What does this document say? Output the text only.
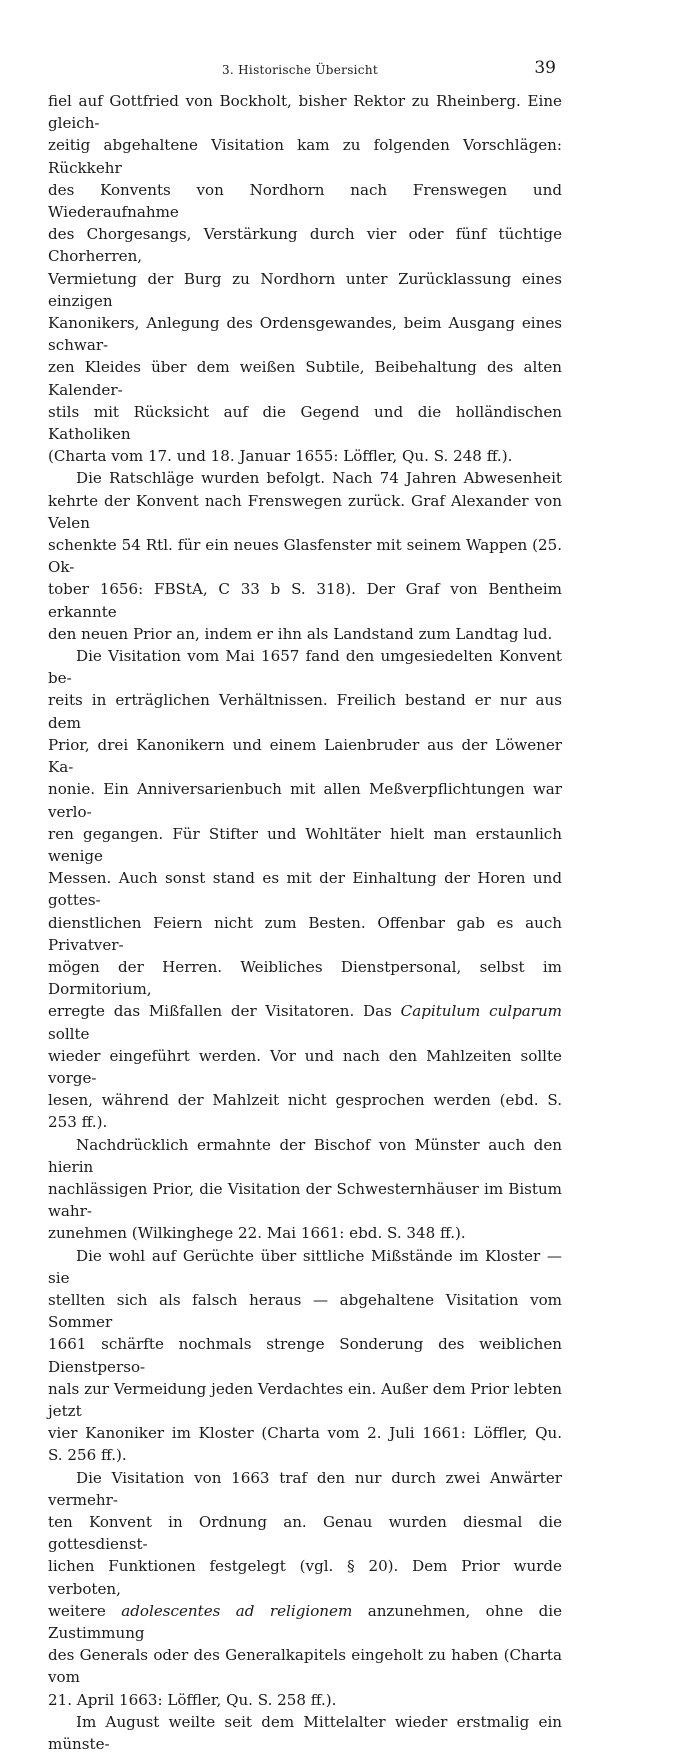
3. Historische Übersicht	39
fiel auf Gottfried von Bockholt, bisher Rektor zu Rheinberg. Eine gleich-
zeitig abgehaltene Visitation kam zu folgenden Vorschlägen: Rückkehr
des Konvents von Nordhorn nach Frenswegen und Wiederaufnahme
des Chorgesangs, Verstärkung durch vier oder fünf tüchtige Chorherren,
Vermietung der Burg zu Nordhorn unter Zurücklassung eines einzigen
Kanonikers, Anlegung des Ordensgewandes, beim Ausgang eines schwar-
zen Kleides über dem weißen Subtile, Beibehaltung des alten Kalender-
stils mit Rücksicht auf die Gegend und die holländischen Katholiken
(Charta vom 17. und 18. Januar 1655: Löffler, Qu. S. 248 ff.).
Die Ratschläge wurden befolgt. Nach 74 Jahren Abwesenheit
kehrte der Konvent nach Frenswegen zurück. Graf Alexander von Velen
schenkte 54 Rtl. für ein neues Glasfenster mit seinem Wappen (25. Ok-
tober 1656: FBStA, C 33 b S. 318). Der Graf von Bentheim erkannte
den neuen Prior an, indem er ihn als Landstand zum Landtag lud.
Die Visitation vom Mai 1657 fand den umgesiedelten Konvent be-
reits in erträglichen Verhältnissen. Freilich bestand er nur aus dem
Prior, drei Kanonikern und einem Laienbruder aus der Löwener Ka-
nonie. Ein Anniversarienbuch mit allen Meßverpflichtungen war verlo-
ren gegangen. Für Stifter und Wohltäter hielt man erstaunlich wenige
Messen. Auch sonst stand es mit der Einhaltung der Horen und gottes-
dienstlichen Feiern nicht zum Besten. Offenbar gab es auch Privatver-
mögen der Herren. Weibliches Dienstpersonal, selbst im Dormitorium,
erregte das Mißfallen der Visitatoren. Das Capitulum culparum sollte
wieder eingeführt werden. Vor und nach den Mahlzeiten sollte vorge-
lesen, während der Mahlzeit nicht gesprochen werden (ebd. S. 253 ff.).
Nachdrücklich ermahnte der Bischof von Münster auch den hierin
nachlässigen Prior, die Visitation der Schwesternhäuser im Bistum wahr-
zunehmen (Wilkinghege 22. Mai 1661: ebd. S. 348 ff.).
Die wohl auf Gerüchte über sittliche Mißstände im Kloster — sie
stellten sich als falsch heraus — abgehaltene Visitation vom Sommer
1661 schärfte nochmals strenge Sonderung des weiblichen Dienstperso-
nals zur Vermeidung jeden Verdachtes ein. Außer dem Prior lebten jetzt
vier Kanoniker im Kloster (Charta vom 2. Juli 1661: Löffler, Qu.
S. 256 ff.).
Die Visitation von 1663 traf den nur durch zwei Anwärter vermehr-
ten Konvent in Ordnung an. Genau wurden diesmal die gottesdienst-
lichen Funktionen festgelegt (vgl. § 20). Dem Prior wurde verboten,
weitere adolescentes ad religionem anzunehmen, ohne die Zustimmung
des Generals oder des Generalkapitels eingeholt zu haben (Charta vom
21. April 1663: Löffler, Qu. S. 258 ff.).
Im August weilte seit dem Mittelalter wieder erstmalig ein münste-
